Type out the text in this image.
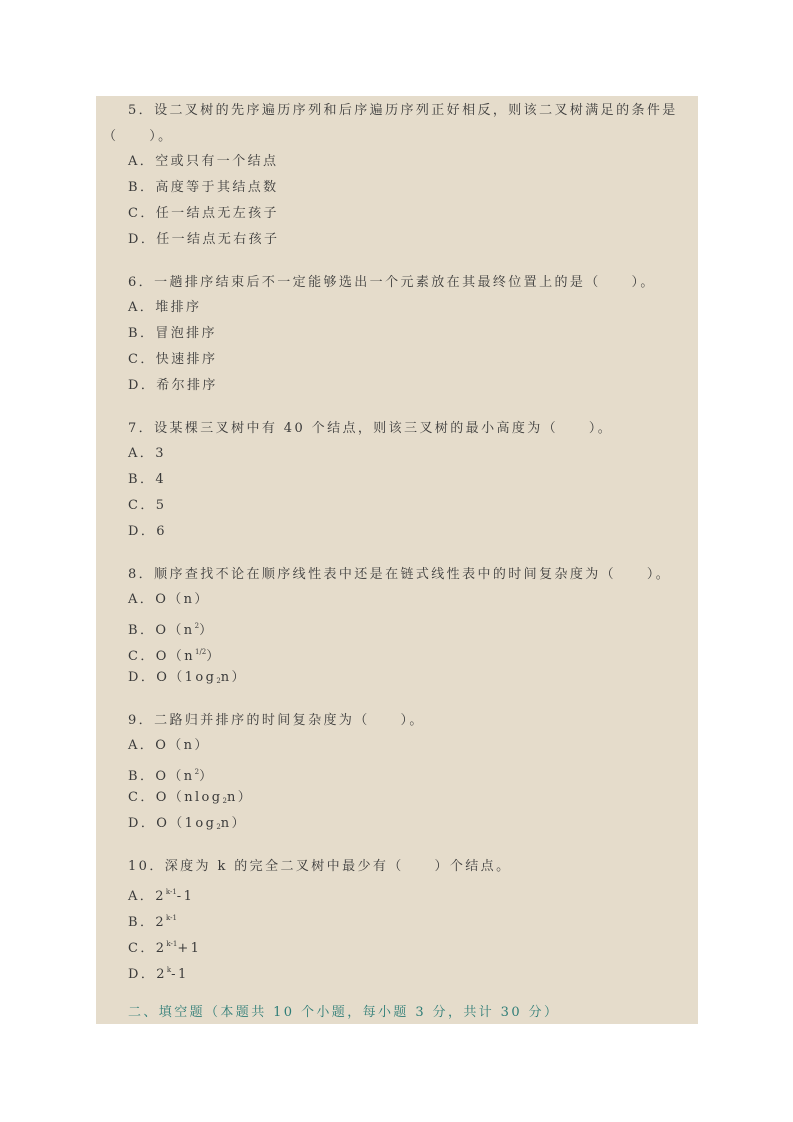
5．设二叉树的先序遍历序列和后序遍历序列正好相反，则该二叉树满足的条件是
（　　）。
A．空或只有一个结点
B．高度等于其结点数
C．任一结点无左孩子
D．任一结点无右孩子
6．一趟排序结束后不一定能够选出一个元素放在其最终位置上的是（　　）。
A．堆排序
B．冒泡排序
C．快速排序
D．希尔排序
7．设某棵三叉树中有 40 个结点，则该三叉树的最小高度为（　　）。
A．3
B．4
C．5
D．6
8．顺序查找不论在顺序线性表中还是在链式线性表中的时间复杂度为（　　）。
A．O（n）
B．$O(n^2)$
C．$O(n^{1/2})$
D．$O(1og_2n)$
9．二路归并排序的时间复杂度为（　　）。
A．O（n）
B．$O(n^2)$
C．O（nlog$_2$n）
D．$O(1og_2n)$
10．深度为 k 的完全二叉树中最少有（　　）个结点。
A．2$^{k-1}$-1
B．2$^{k-1}$
C．$2^{k-1}+1$
D．2$^k$-1
二、填空题（本题共 10 个小题，每小题 3 分，共计 30 分）
